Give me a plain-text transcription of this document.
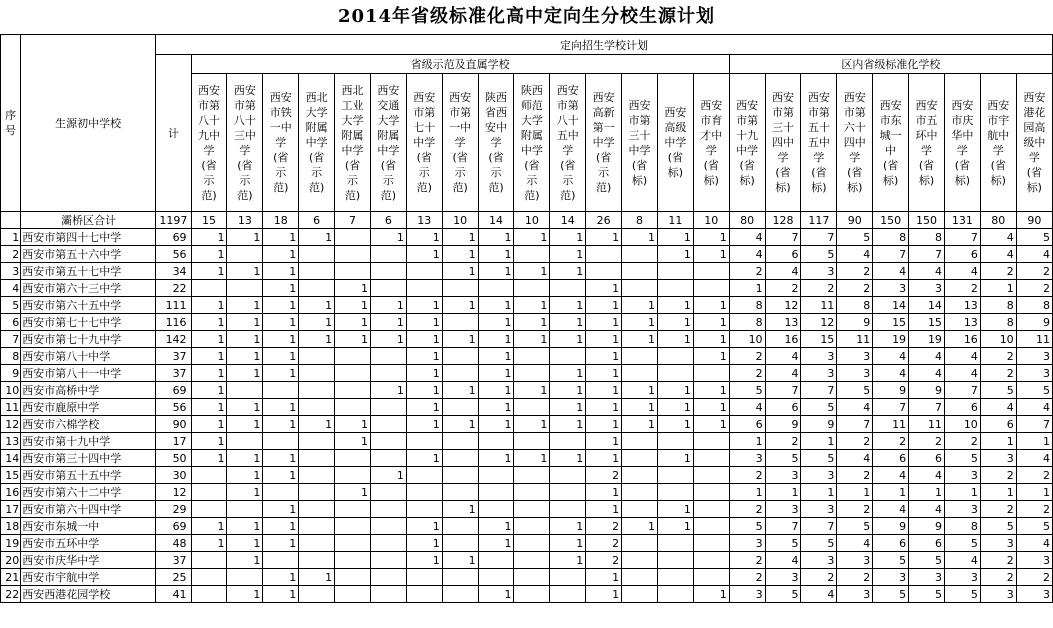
2014年省级标准化高中定向生分校生源计划
序号	生源初中学校	定向招生学校计划																								
		计	省级示范及直属学校															区内省级标准化学校								

			西安市第八十九中学(省示范)	西安市第八十三中学(省示范)	西安市铁一中学(省示范)	西北大学附属中学(省示范)	西北工业大学附属中学(省示范)	西安交通大学附属中学(省示范)	西安市第七十中学(省示范)	西安市第一中学(省示范)	陕西省西安中学(省示范)	陕西师范大学附属中学(省示范)	西安市第八十五中学(省示范)	西安高新第一中学(省示范)	西安市第三十中学(省标)	西安高级中学(省标)	西安市育才中学(省标)	西安市第十九中学(省标)	西安市第三十四中学(省标)	西安市第五十五中学(省标)	西安市第六十四中学(省标)	西安市东城一中(省标)	西安市五环中学(省标)	西安市庆华中学(省标)	西安市宇航中学(省标)	西安港花园高级中学(省标)

	灞桥区合计	1197	15	13	18	6	7	6	13	10	14	10	14	26	8	11	10	80	128	117	90	150	150	131	80	90
1	西安市第四十七中学	69	1	1	1	1		1	1	1	1	1	1	1	1	1	1	4	7	7	5	8	8	7	4	5
2	西安市第五十六中学	56	1		1				1	1	1		1			1	1	4	6	5	4	7	7	6	4	4
3	西安市第五十七中学	34	1	1	1					1	1	1	1					2	4	3	2	4	4	4	2	2
4	西安市第六十三中学	22			1		1							1				1	2	2	2	3	3	2	1	2
5	西安市第六十五中学	111	1	1	1	1	1	1	1	1	1	1	1	1	1	1	1	8	12	11	8	14	14	13	8	8
6	西安市第七十七中学	116	1	1	1	1	1	1	1		1	1	1	1	1	1	1	8	13	12	9	15	15	13	8	9
7	西安市第七十九中学	142	1	1	1	1	1	1	1	1	1	1	1	1	1	1	1	10	16	15	11	19	19	16	10	11
8	西安市第八十中学	37	1	1	1				1		1			1			1	2	4	3	3	4	4	4	2	3
9	西安市第八十一中学	37	1	1	1				1		1		1	1				2	4	3	3	4	4	4	2	3
10	西安市高桥中学	69	1					1	1	1	1	1	1	1	1	1	1	5	7	7	5	9	9	7	5	5
11	西安市鹿原中学	56	1	1	1				1		1		1	1	1	1	1	4	6	5	4	7	7	6	4	4
12	西安市六棉学校	90	1	1	1	1	1		1	1	1	1	1	1	1	1	1	6	9	9	7	11	11	10	6	7
13	西安市第十九中学	17	1				1							1				1	2	1	2	2	2	2	1	1
14	西安市第三十四中学	50	1	1	1				1		1	1	1	1		1		3	5	5	4	6	6	5	3	4
15	西安市第五十五中学	30		1	1			1						2				2	3	3	2	4	4	3	2	2
16	西安市第六十二中学	12		1			1							1				1	1	1	1	1	1	1	1	1
17	西安市第六十四中学	29			1					1				1		1		2	3	3	2	4	4	3	2	2
18	西安市东城一中	69	1	1	1				1		1		1	2	1	1		5	7	7	5	9	9	8	5	5
19	西安市五环中学	48	1	1	1				1		1		1	2				3	5	5	4	6	6	5	3	4
20	西安市庆华中学	37		1					1	1			1	2				2	4	3	3	5	5	4	2	3
21	西安市宇航中学	25			1	1								1				2	3	2	2	3	3	3	2	2
22	西安西港花园学校	41		1	1						1			1			1	3	5	4	3	5	5	5	3	3
